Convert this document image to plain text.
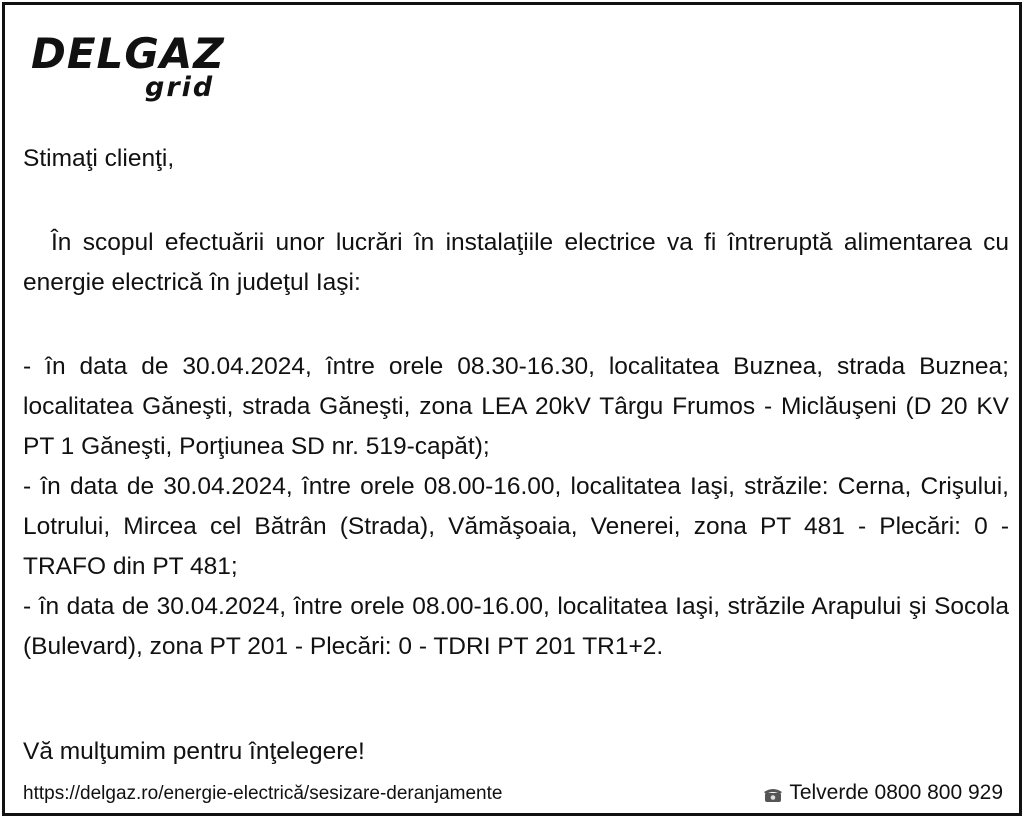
DELGAZ
grid
Stimaţi clienţi,
În scopul efectuării unor lucrări în instalaţiile electrice va fi întreruptă alimentarea cu energie electrică în judeţul Iaşi:

- în data de 30.04.2024, între orele 08.30-16.30, localitatea Buznea, strada Buznea; localitatea Găneşti, strada Găneşti, zona LEA 20kV Târgu Frumos - Miclăuşeni (D 20 KV PT 1 Găneşti, Porţiunea SD nr. 519-capăt);

- în data de 30.04.2024, între orele 08.00-16.00, localitatea Iaşi, străzile: Cerna, Crişului, Lotrului, Mircea cel Bătrân (Strada), Vămăşoaia, Venerei, zona PT 481 - Plecări: 0 - TRAFO din PT 481;

- în data de 30.04.2024, între orele 08.00-16.00, localitatea Iaşi, străzile Arapului şi Socola (Bulevard), zona PT 201 - Plecări: 0 - TDRI PT 201 TR1+2.

Vă mulţumim pentru înţelegere!
https://delgaz.ro/energie-electrică/sesizare-deranjamente	Telverde 0800 800 929
